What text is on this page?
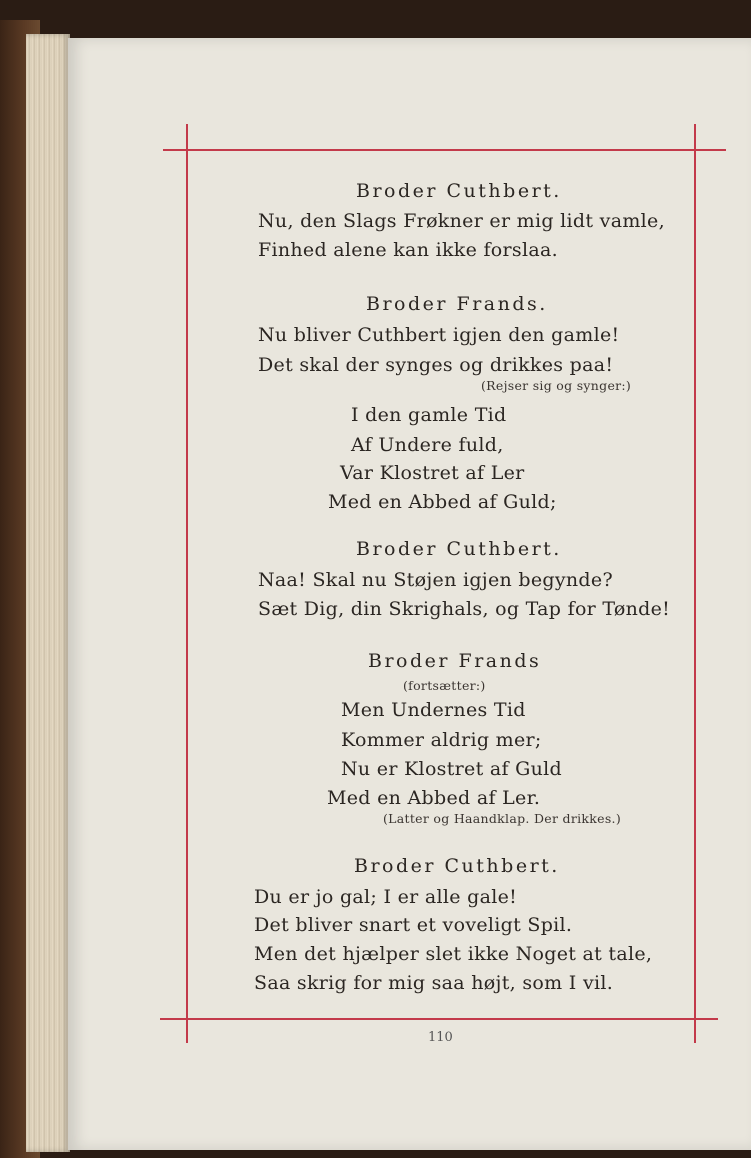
Broder Cuthbert.
Nu, den Slags Frøkner er mig lidt vamle,
Finhed alene kan ikke forslaa.
Broder Frands.
Nu bliver Cuthbert igjen den gamle!
Det skal der synges og drikkes paa!
(Rejser sig og synger:)
I den gamle Tid
Af Undere fuld,
Var Klostret af Ler
Med en Abbed af Guld;
Broder Cuthbert.
Naa! Skal nu Støjen igjen begynde?
Sæt Dig, din Skrighals, og Tap for Tønde!
Broder Frands
(fortsætter:)
Men Undernes Tid
Kommer aldrig mer;
Nu er Klostret af Guld
Med en Abbed af Ler.
(Latter og Haandklap. Der drikkes.)
Broder Cuthbert.
Du er jo gal; I er alle gale!
Det bliver snart et voveligt Spil.
Men det hjælper slet ikke Noget at tale,
Saa skrig for mig saa højt, som I vil.
110
